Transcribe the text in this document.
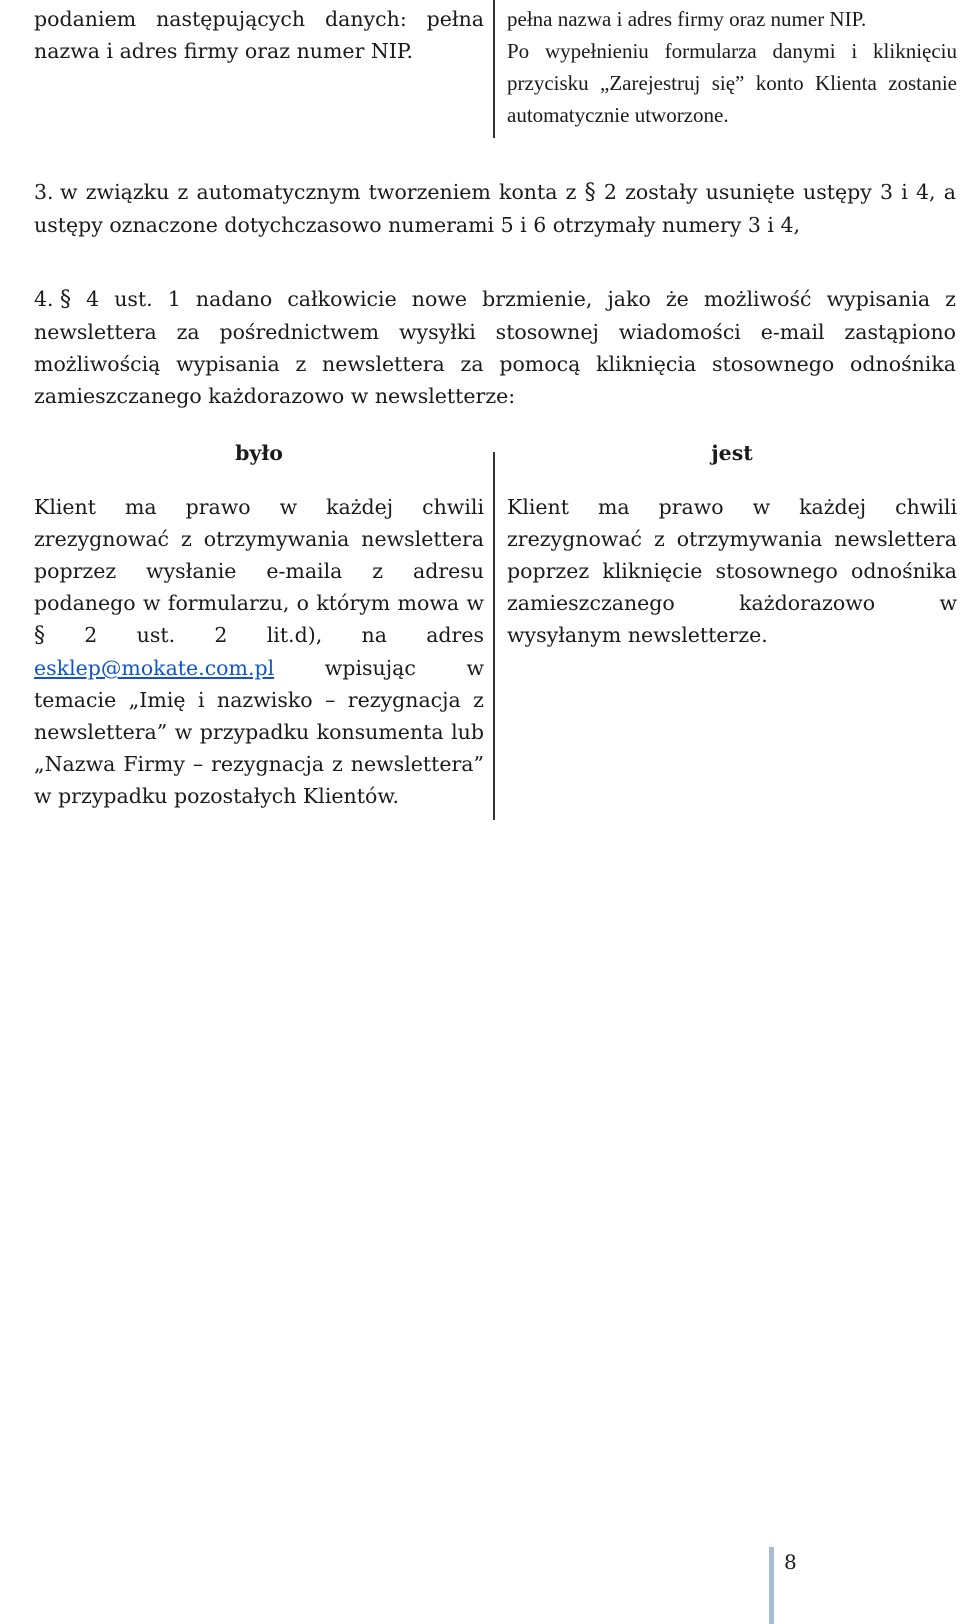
podaniem następujących danych: pełna nazwa i adres firmy oraz numer NIP.

pełna nazwa i adres firmy oraz numer NIP.

Po wypełnieniu formularza danymi i kliknięciu przycisku „Zarejestruj się” konto Klienta zostanie automatycznie utworzone.

3. w związku z automatycznym tworzeniem konta z § 2 zostały usunięte ustępy 3 i 4, a ustępy oznaczone dotychczasowo numerami 5 i 6 otrzymały numery 3 i 4,
4. § 4 ust. 1 nadano całkowicie nowe brzmienie, jako że możliwość wypisania z newslettera za pośrednictwem wysyłki stosownej wiadomości e-mail zastąpiono możliwością wypisania z newslettera za pomocą kliknięcia stosownego odnośnika zamieszczanego każdorazowo w newsletterze:
było	jest

Klient ma prawo w każdej chwili zrezygnować z otrzymywania newslettera poprzez wysłanie e-maila z adresu podanego w formularzu, o którym mowa w § 2 ust. 2 lit.d), na adres esklep@mokate.com.pl wpisując w temacie „Imię i nazwisko – rezygnacja z newslettera” w przypadku konsumenta lub „Nazwa Firmy – rezygnacja z newslettera” w przypadku pozostałych Klientów.

Klient ma prawo w każdej chwili zrezygnować z otrzymywania newslettera poprzez kliknięcie stosownego odnośnika zamieszczanego każdorazowo w wysyłanym newsletterze.

8
